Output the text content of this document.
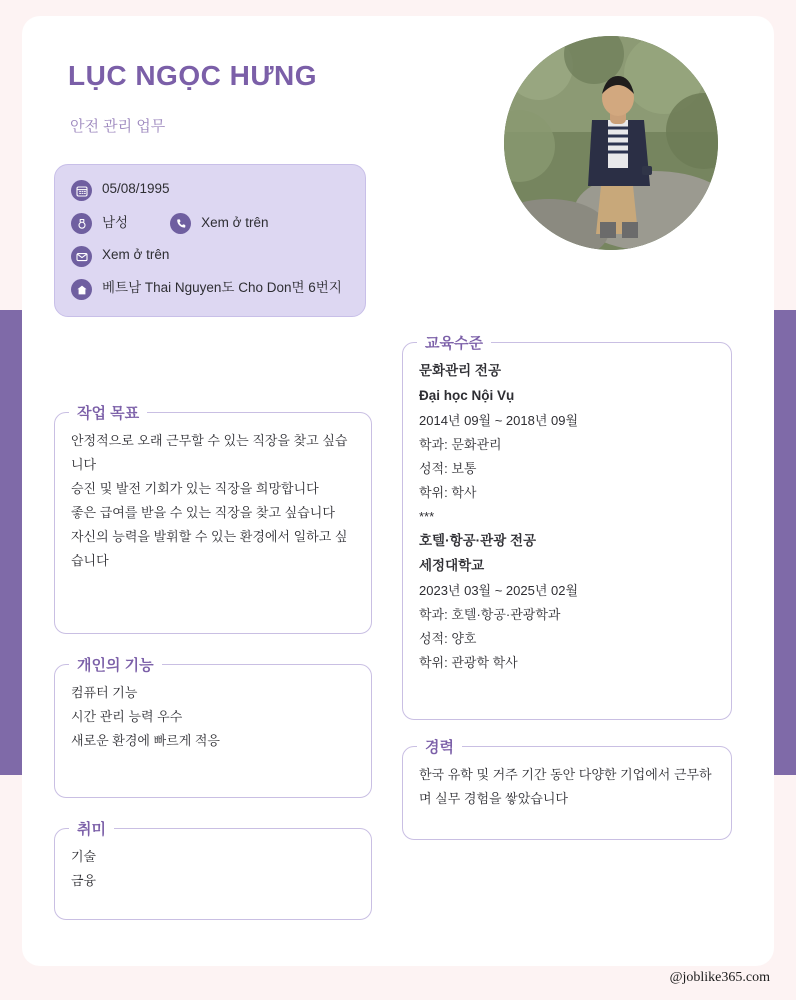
LỤC NGỌC HƯNG
안전 관리 업무
05/08/1995
남성	Xem ở trên
Xem ở trên
베트남 Thai Nguyen도 Cho Don면 6번지
작업 목표
안정적으로 오래 근무할 수 있는 직장을 찾고 싶습니다
승진 및 발전 기회가 있는 직장을 희망합니다
좋은 급여를 받을 수 있는 직장을 찾고 싶습니다
자신의 능력을 발휘할 수 있는 환경에서 일하고 싶습니다
개인의 기능
컴퓨터 기능
시간 관리 능력 우수
새로운 환경에 빠르게 적응
취미
기술
금융
교육수준
문화관리 전공
Đại học Nội Vụ
2014년 09월 ~ 2018년 09월
학과: 문화관리
성적: 보통
학위: 학사
***
호텔·항공·관광 전공
세정대학교
2023년 03월 ~ 2025년 02월
학과: 호텔·항공·관광학과
성적: 양호
학위: 관광학 학사
경력
한국 유학 및 거주 기간 동안 다양한 기업에서 근무하며 실무 경험을 쌓았습니다
@joblike365.com
